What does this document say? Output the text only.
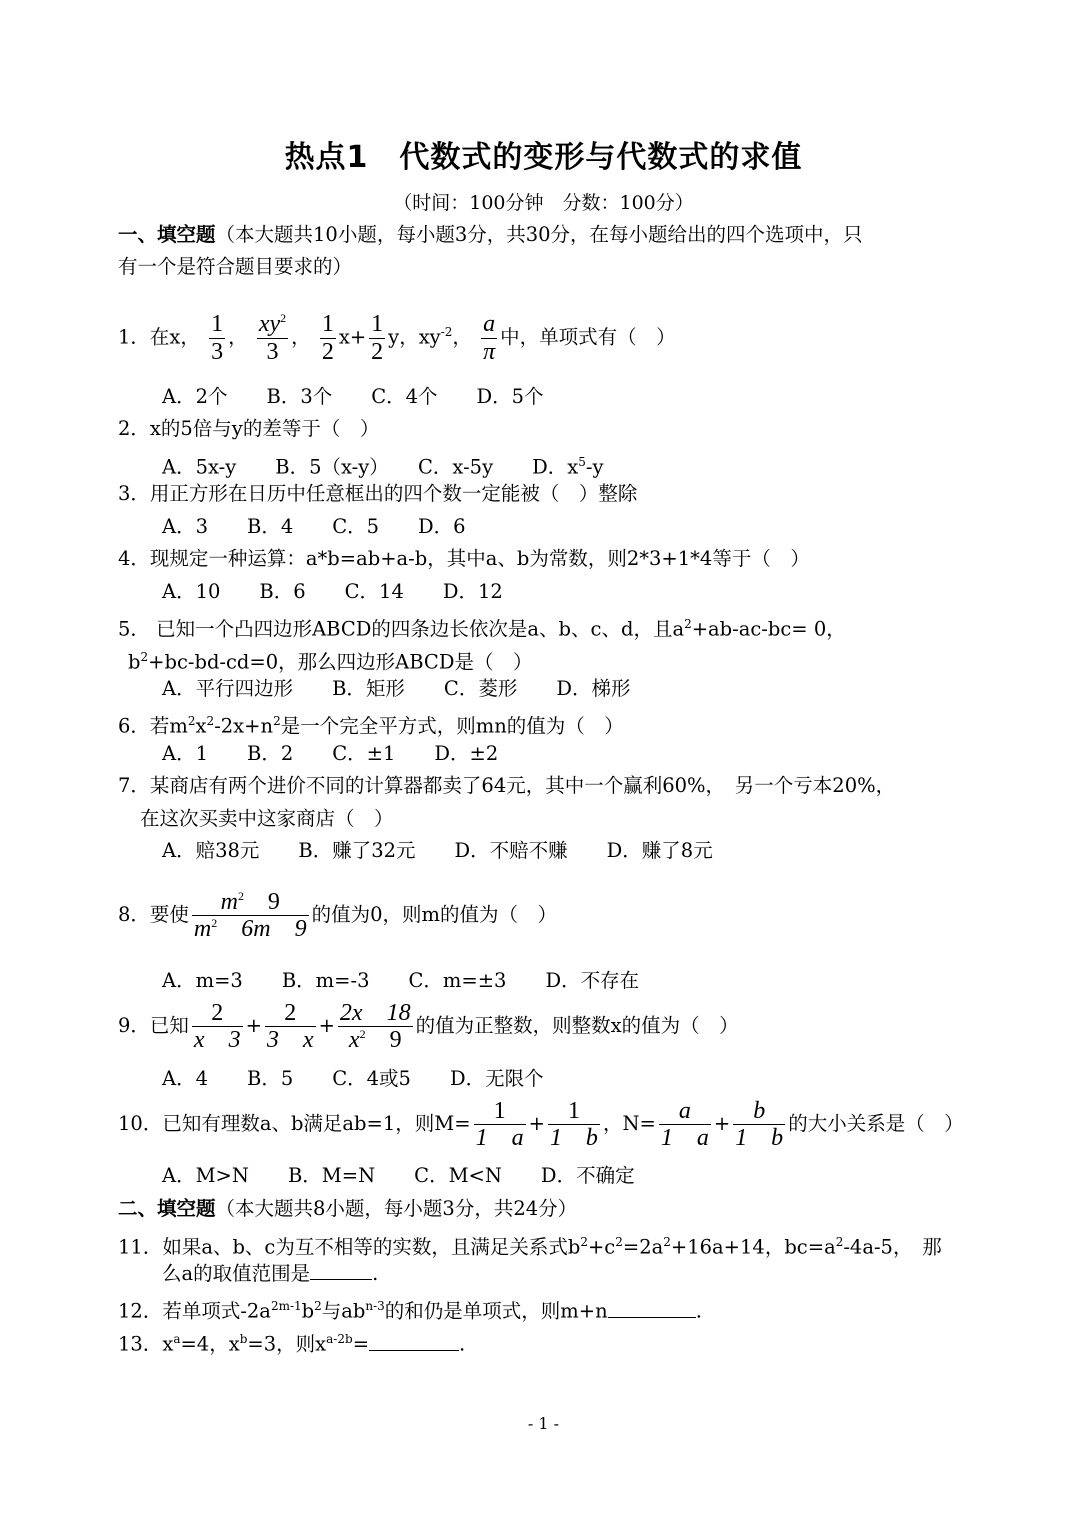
热点1　代数式的变形与代数式的求值
（时间：100分钟　分数：100分）
一、填空题（本大题共10小题，每小题3分，共30分，在每小题给出的四个选项中，只
有一个是符合题目要求的）
1．在x， $\frac{1}{3}$ ， $\frac{xy^2}{3}$ ， $\frac{1}{2} x+ \frac{1}{2}$ y，$xy^{-2}$， $\frac{a}{\pi}$ 中，单项式有（　）
A．2个　　B．3个　　C．4个　　D．5个
2．x的5倍与y的差等于（　）
A．5x-y　　B．5（x-y）　　C．x-5y　　D．$x^5-y$
3．用正方形在日历中任意框出的四个数一定能被（　）整除
A．3　　B．4　　C．5　　D．6
4．现规定一种运算：a*b=ab+a-b，其中a、b为常数，则2*3+1*4等于（　）
A．10　　B．6　　C．14　　D．12
5． 已知一个凸四边形ABCD的四条边长依次是a、b、c、d，且$a^2+ab-ac-bc= 0$，
$b^2+bc-bd-cd=0$，那么四边形ABCD是（　）
A．平行四边形　　B．矩形　　C．菱形　　D．梯形
6．若$m^2x^2-2x+n^2$是一个完全平方式，则mn的值为（　）
A．1　　B．2　　C．±1　　D．±2
7．某商店有两个进价不同的计算器都卖了64元，其中一个赢利60%，　另一个亏本20%，
在这次买卖中这家商店（　）
A．赔38元　　B．赚了32元　　D．不赔不赚　　D．赚了8元
8．要使 $\frac{m^2 9}{m^2 6m 9}$ 的值为0，则m的值为（　）
A．m=3　　B．m=-3　　C．m=±3　　D．不存在
9．已知 $\frac{2}{x 3} + \frac{2}{3 x} + \frac{2x 18}{x^2 9}$ 的值为正整数，则整数x的值为（　）
A．4　　B．5　　C．4或5　　D．无限个
10．已知有理数a、b满足ab=1，则$M= \frac{1}{1 a} + \frac{1}{1 b}$ ，$N= \frac{a}{1 a} + \frac{b}{1 b}$ 的大小关系是（　）
A．M>N　　B．M=N　　C．M<N　　D．不确定
二、填空题（本大题共8小题，每小题3分，共24分）
11．如果a、b、c为互不相等的实数，且满足关系式$b^2+c^2=2a^2+16a+14$，$bc=a^2-4a-5$，　那
么a的取值范围是	.
12．若单项式$-2a^{2m-1}b^2$与$ab^{n-3}$的和仍是单项式，则m+n	.
13．$x^a=4$，$x^b=3$，则$x^{a-2b}=$	.
- 1 -
